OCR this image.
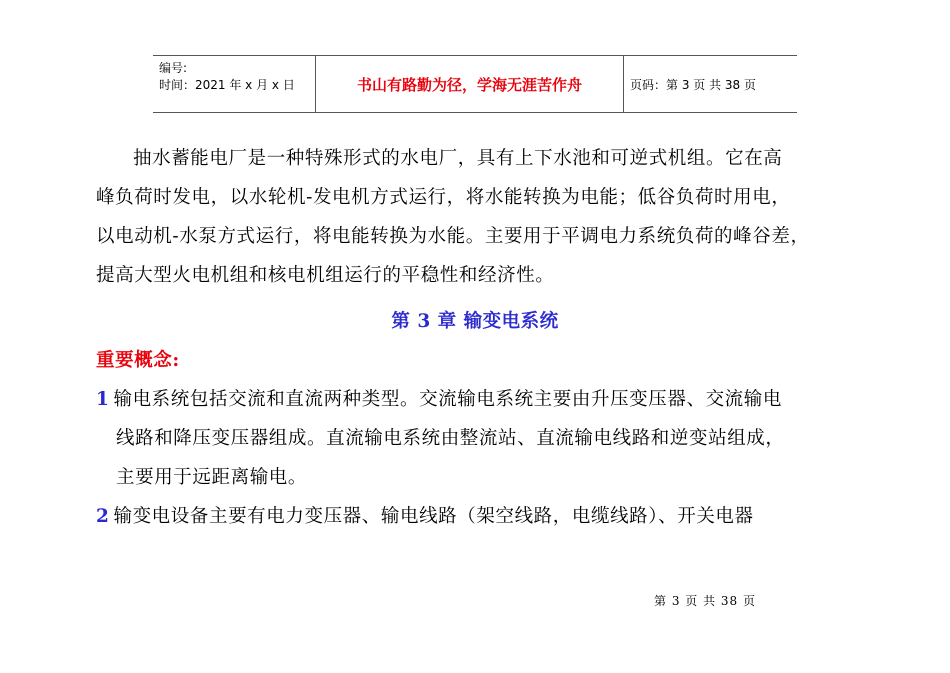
编号:
时间：2021 年 x 月 x 日	书山有路勤为径，学海无涯苦作舟	页码：第 3 页 共 38 页
抽水蓄能电厂是一种特殊形式的水电厂，具有上下水池和可逆式机组。它在高
峰负荷时发电，以水轮机-发电机方式运行，将水能转换为电能；低谷负荷时用电，
以电动机-水泵方式运行，将电能转换为水能。主要用于平调电力系统负荷的峰谷差，
提高大型火电机组和核电机组运行的平稳性和经济性。
第 3 章 输变电系统
重要概念:
1 输电系统包括交流和直流两种类型。交流输电系统主要由升压变压器、交流输电
线路和降压变压器组成。直流输电系统由整流站、直流输电线路和逆变站组成，
主要用于远距离输电。
2 输变电设备主要有电力变压器、输电线路（架空线路，电缆线路）、开关电器
第 3 页 共 38 页
